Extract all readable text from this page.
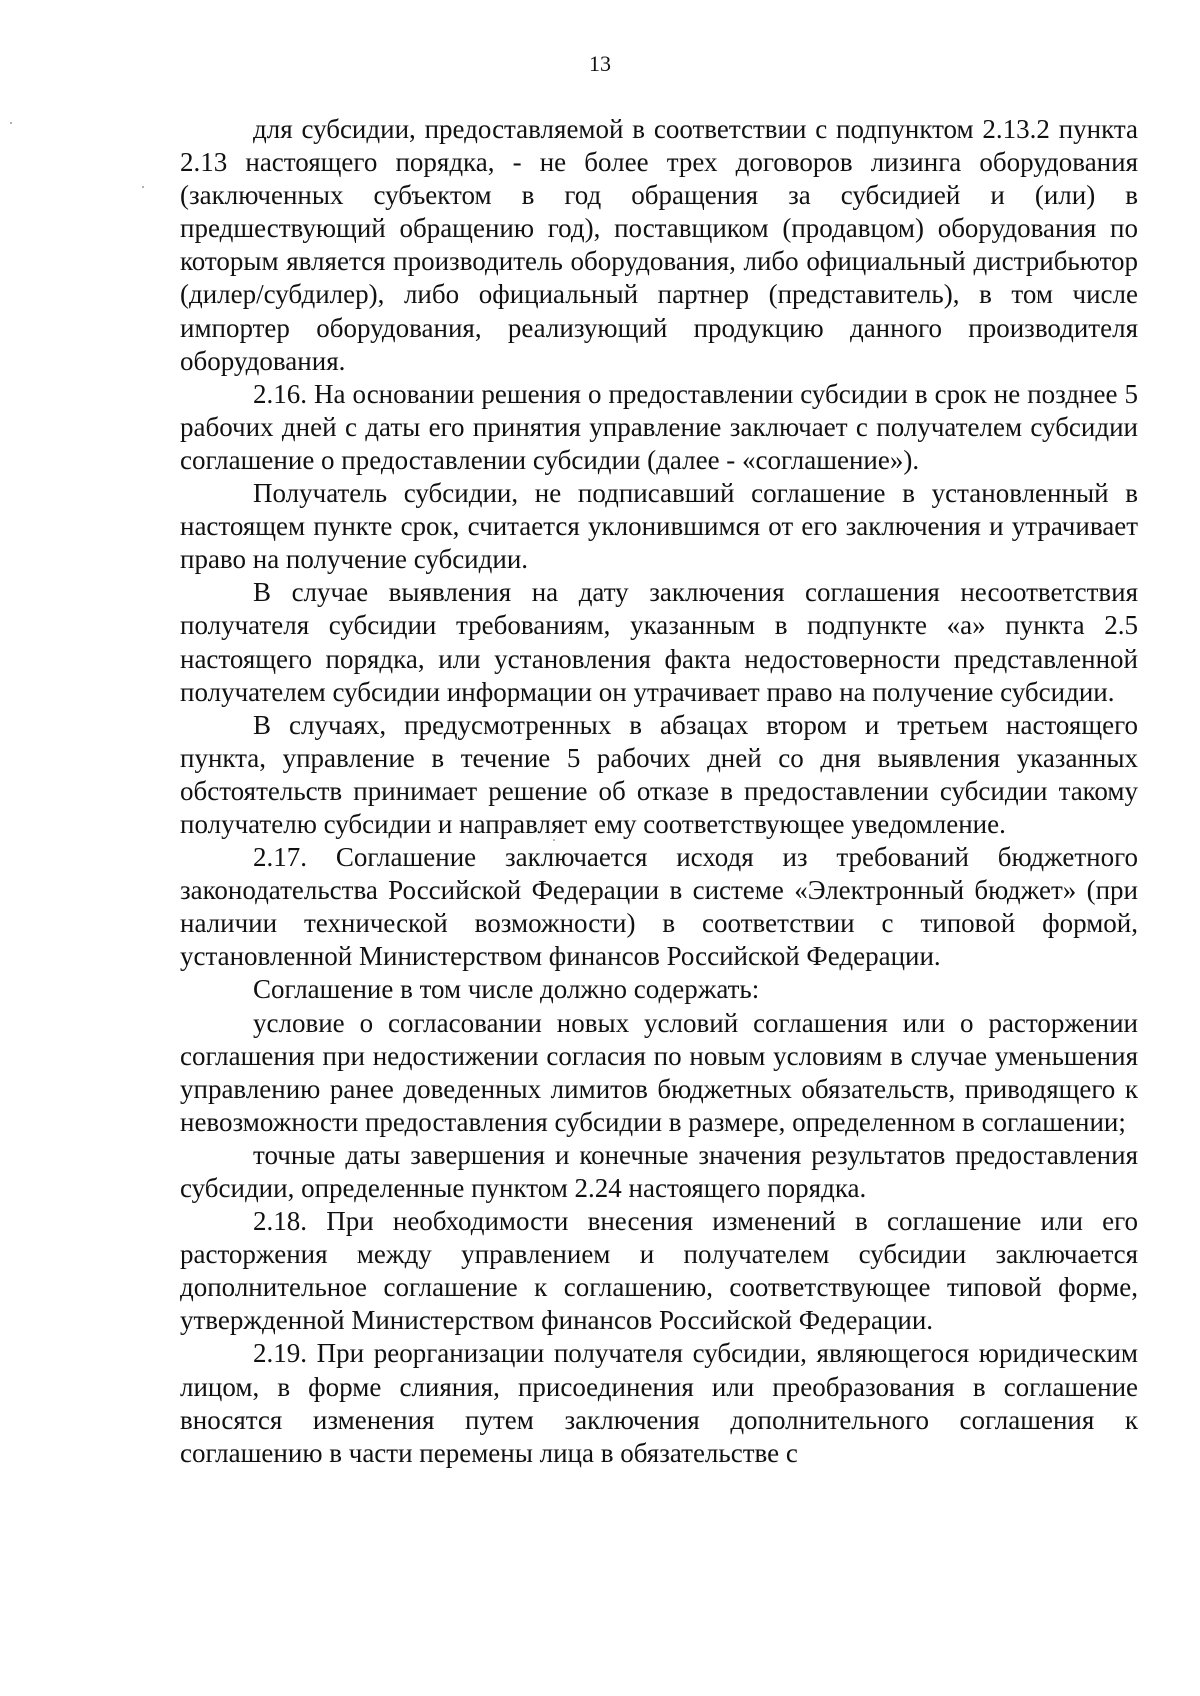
13

для субсидии, предоставляемой в соответствии с подпунктом 2.13.2 пункта 2.13 настоящего порядка, - не более трех договоров лизинга оборудования (заключенных субъектом в год обращения за субсидией и (или) в предшествующий обращению год), поставщиком (продавцом) оборудования по которым является производитель оборудования, либо официальный дистрибьютор (дилер/субдилер), либо официальный партнер (представитель), в том числе импортер оборудования, реализующий продукцию данного производителя оборудования.

2.16. На основании решения о предоставлении субсидии в срок не позднее 5 рабочих дней с даты его принятия управление заключает с получателем субсидии соглашение о предоставлении субсидии (далее - «соглашение»).

Получатель субсидии, не подписавший соглашение в установленный в настоящем пункте срок, считается уклонившимся от его заключения и утрачивает право на получение субсидии.

В случае выявления на дату заключения соглашения несоответствия получателя субсидии требованиям, указанным в подпункте «а» пункта 2.5 настоящего порядка, или установления факта недостоверности представленной получателем субсидии информации он утрачивает право на получение субсидии.

В случаях, предусмотренных в абзацах втором и третьем настоящего пункта, управление в течение 5 рабочих дней со дня выявления указанных обстоятельств принимает решение об отказе в предоставлении субсидии такому получателю субсидии и направляет ему соответствующее уведомление.

2.17. Соглашение заключается исходя из требований бюджетного законодательства Российской Федерации в системе «Электронный бюджет» (при наличии технической возможности) в соответствии с типовой формой, установленной Министерством финансов Российской Федерации.

Соглашение в том числе должно содержать:

условие о согласовании новых условий соглашения или о расторжении соглашения при недостижении согласия по новым условиям в случае уменьшения управлению ранее доведенных лимитов бюджетных обязательств, приводящего к невозможности предоставления субсидии в размере, определенном в соглашении;

точные даты завершения и конечные значения результатов предоставления субсидии, определенные пунктом 2.24 настоящего порядка.

2.18. При необходимости внесения изменений в соглашение или его расторжения между управлением и получателем субсидии заключается дополнительное соглашение к соглашению, соответствующее типовой форме, утвержденной Министерством финансов Российской Федерации.

2.19. При реорганизации получателя субсидии, являющегося юридическим лицом, в форме слияния, присоединения или преобразования в соглашение вносятся изменения путем заключения дополнительного соглашения к соглашению в части перемены лица в обязательстве с
